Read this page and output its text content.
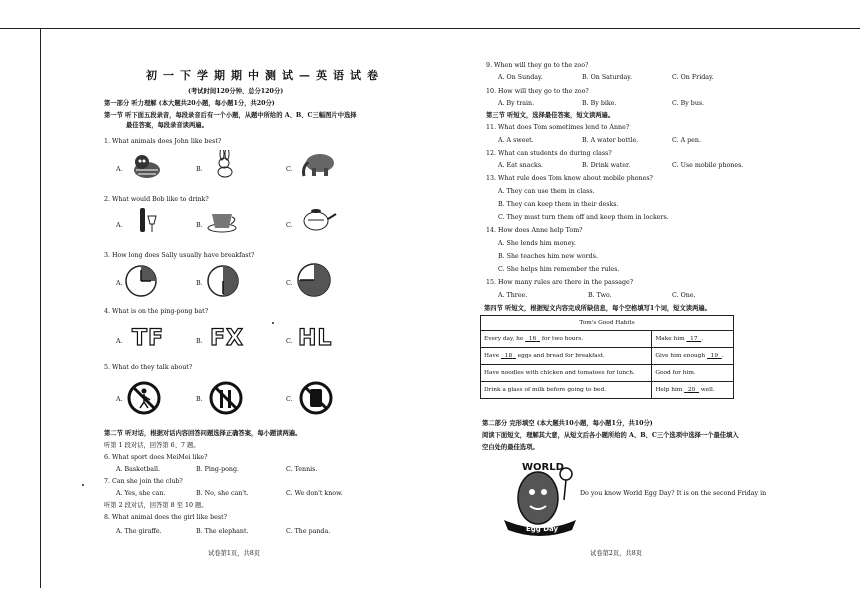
初一下学期期中测试—英语试卷
(考试时间120分钟、总分120分)
第一部分 听力理解 (本大题共20小题，每小题1分，共20分)
第一节 听下面五段录音，每段录音后有一个小题，从题中所给的 A、B、C三幅图片中选择
最佳答案，每段录音读两遍。
1. What animals does John like best?
A.	B.	C.
2. What would Bob like to drink?
A.	B.	C.
3. How long does Sally usually have breakfast?
A.	B.	C.
4. What is on the ping-pong bat?
A. TF	B. FX	C. HL
5. What do they talk about?
A.	B.	C.
第二节 听对话，根据对话内容回答问题选择正确答案，每小题读两遍。
听第 1 段对话，回答第 6、7 题。
6. What sport does MeiMei like?
A. Basketball.	B. Ping-pong.	C. Tennis.
7. Can she join the club?
A. Yes, she can.	B. No, she can't.	C. We don't know.
听第 2 段对话，回答第 8 至 10 题。
8. What animal does the girl like best?
A. The giraffe.	B. The elephant.	C. The panda.
试卷第1页，共8页
9. When will they go to the zoo?
A. On Sunday.	B. On Saturday.	C. On Friday.
10. How will they go to the zoo?
A. By train.	B. By bike.	C. By bus.
第三节 听短文，选择最佳答案，短文读两遍。
11. What does Tom sometimes lend to Anne?
A. A sweet.	B. A water bottle.	C. A pen.
12. What can students do during class?
A. Eat snacks.	B. Drink water.	C. Use mobile phones.
13. What rule does Tom know about mobile phones?
A. They can use them in class.
B. They can keep them in their desks.
C. They must turn them off and keep them in lockers.
14. How does Anne help Tom?
A. She lends him money.
B. She teaches him new words.
C. She helps him remember the rules.
15. How many rules are there in the passage?
A. Three.	B. Two.	C. One.
第四节 听短文，根据短文内容完成所缺信息，每个空格填写1个词，短文读两遍。
Tom's Good Habits	
Every day, he 16 for two hours.	Make him 17 .
Have 18 eggs and bread for breakfast.	Give him enough 19 .
Have noodles with chicken and tomatoes for lunch.	Good for him.
Drink a glass of milk before going to bed.	Help him 20 well.
第二部分 完形填空 (本大题共10小题，每小题1分，共10分)
阅读下面短文，理解其大意，从短文后各小题所给的 A、B、C三个选项中选择一个最佳填入
空白处的最佳选项。
WORLD
Egg Day
Do you know World Egg Day? It is on the second Friday in
试卷第2页，共8页
